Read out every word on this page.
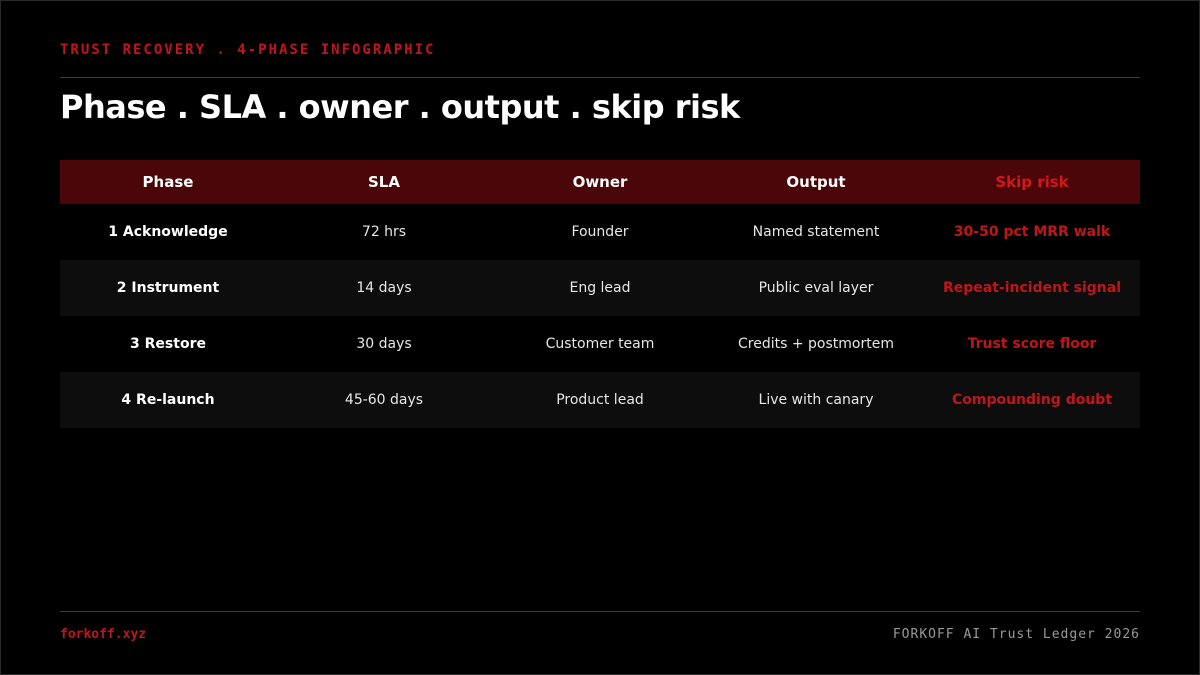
TRUST RECOVERY . 4-PHASE INFOGRAPHIC
Phase . SLA . owner . output . skip risk
Phase	SLA	Owner	Output	Skip risk
1 Acknowledge	72 hrs	Founder	Named statement	30-50 pct MRR walk
2 Instrument	14 days	Eng lead	Public eval layer	Repeat-incident signal
3 Restore	30 days	Customer team	Credits + postmortem	Trust score floor
4 Re-launch	45-60 days	Product lead	Live with canary	Compounding doubt
forkoff.xyz	FORKOFF AI Trust Ledger 2026
